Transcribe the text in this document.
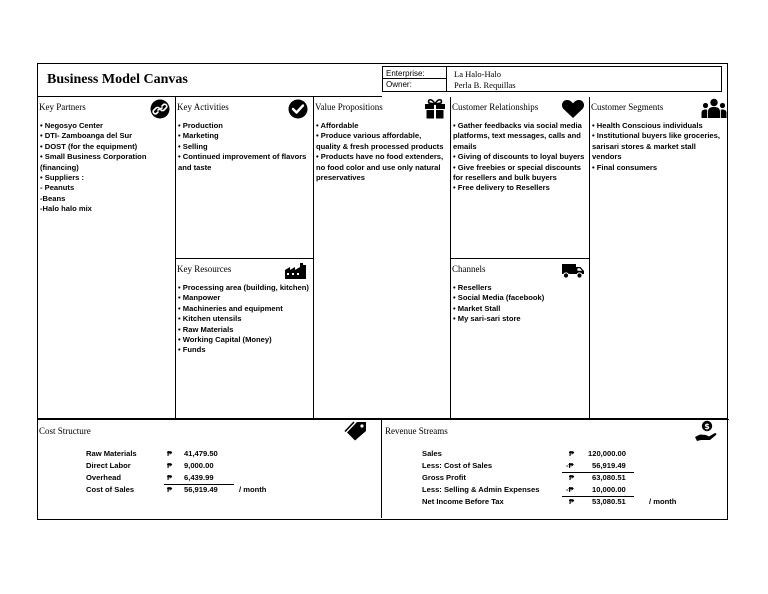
Business Model Canvas	Enterprise:	La Halo-Halo
Owner:	Perla B. Requillas
Key Partners
• Negosyo Center
• DTI- Zamboanga del Sur
• DOST (for the equipment)
• Small Business Corporation (financing)
• Suppliers :
- Peanuts
-Beans
-Halo halo mix
Key Activities
• Production
• Marketing
• Selling
• Continued improvement of flavors and taste
Key Resources
• Processing area (building, kitchen)
• Manpower
• Machineries and equipment
• Kitchen utensils
• Raw Materials
• Working Capital (Money)
• Funds
Value Propositions
• Affordable
• Produce various affordable, quality & fresh processed products
• Products have no food extenders, no food color and use only natural preservatives
Customer Relationships
• Gather feedbacks via social media platforms, text messages, calls and emails
• Giving of discounts to loyal buyers
• Give freebies or special discounts for resellers and bulk buyers
• Free delivery to Resellers
Channels
• Resellers
• Social Media (facebook)
• Market Stall
• My sari-sari store
Customer Segments
• Health Conscious individuals
• Institutional buyers like groceries, sarisari stores & market stall vendors
• Final consumers
Cost Structure
Raw Materials	₱ 41,479.50
Direct Labor	₱ 9,000.00
Overhead	₱ 6,439.99
Cost of Sales	₱ 56,919.49	/ month
Revenue Streams	$
Sales	₱ 120,000.00
Less: Cost of Sales	-₱ 56,919.49
Gross Profit	₱ 63,080.51
Less: Selling & Admin Expenses	-₱ 10,000.00
Net Income Before Tax	₱ 53,080.51	/ month
